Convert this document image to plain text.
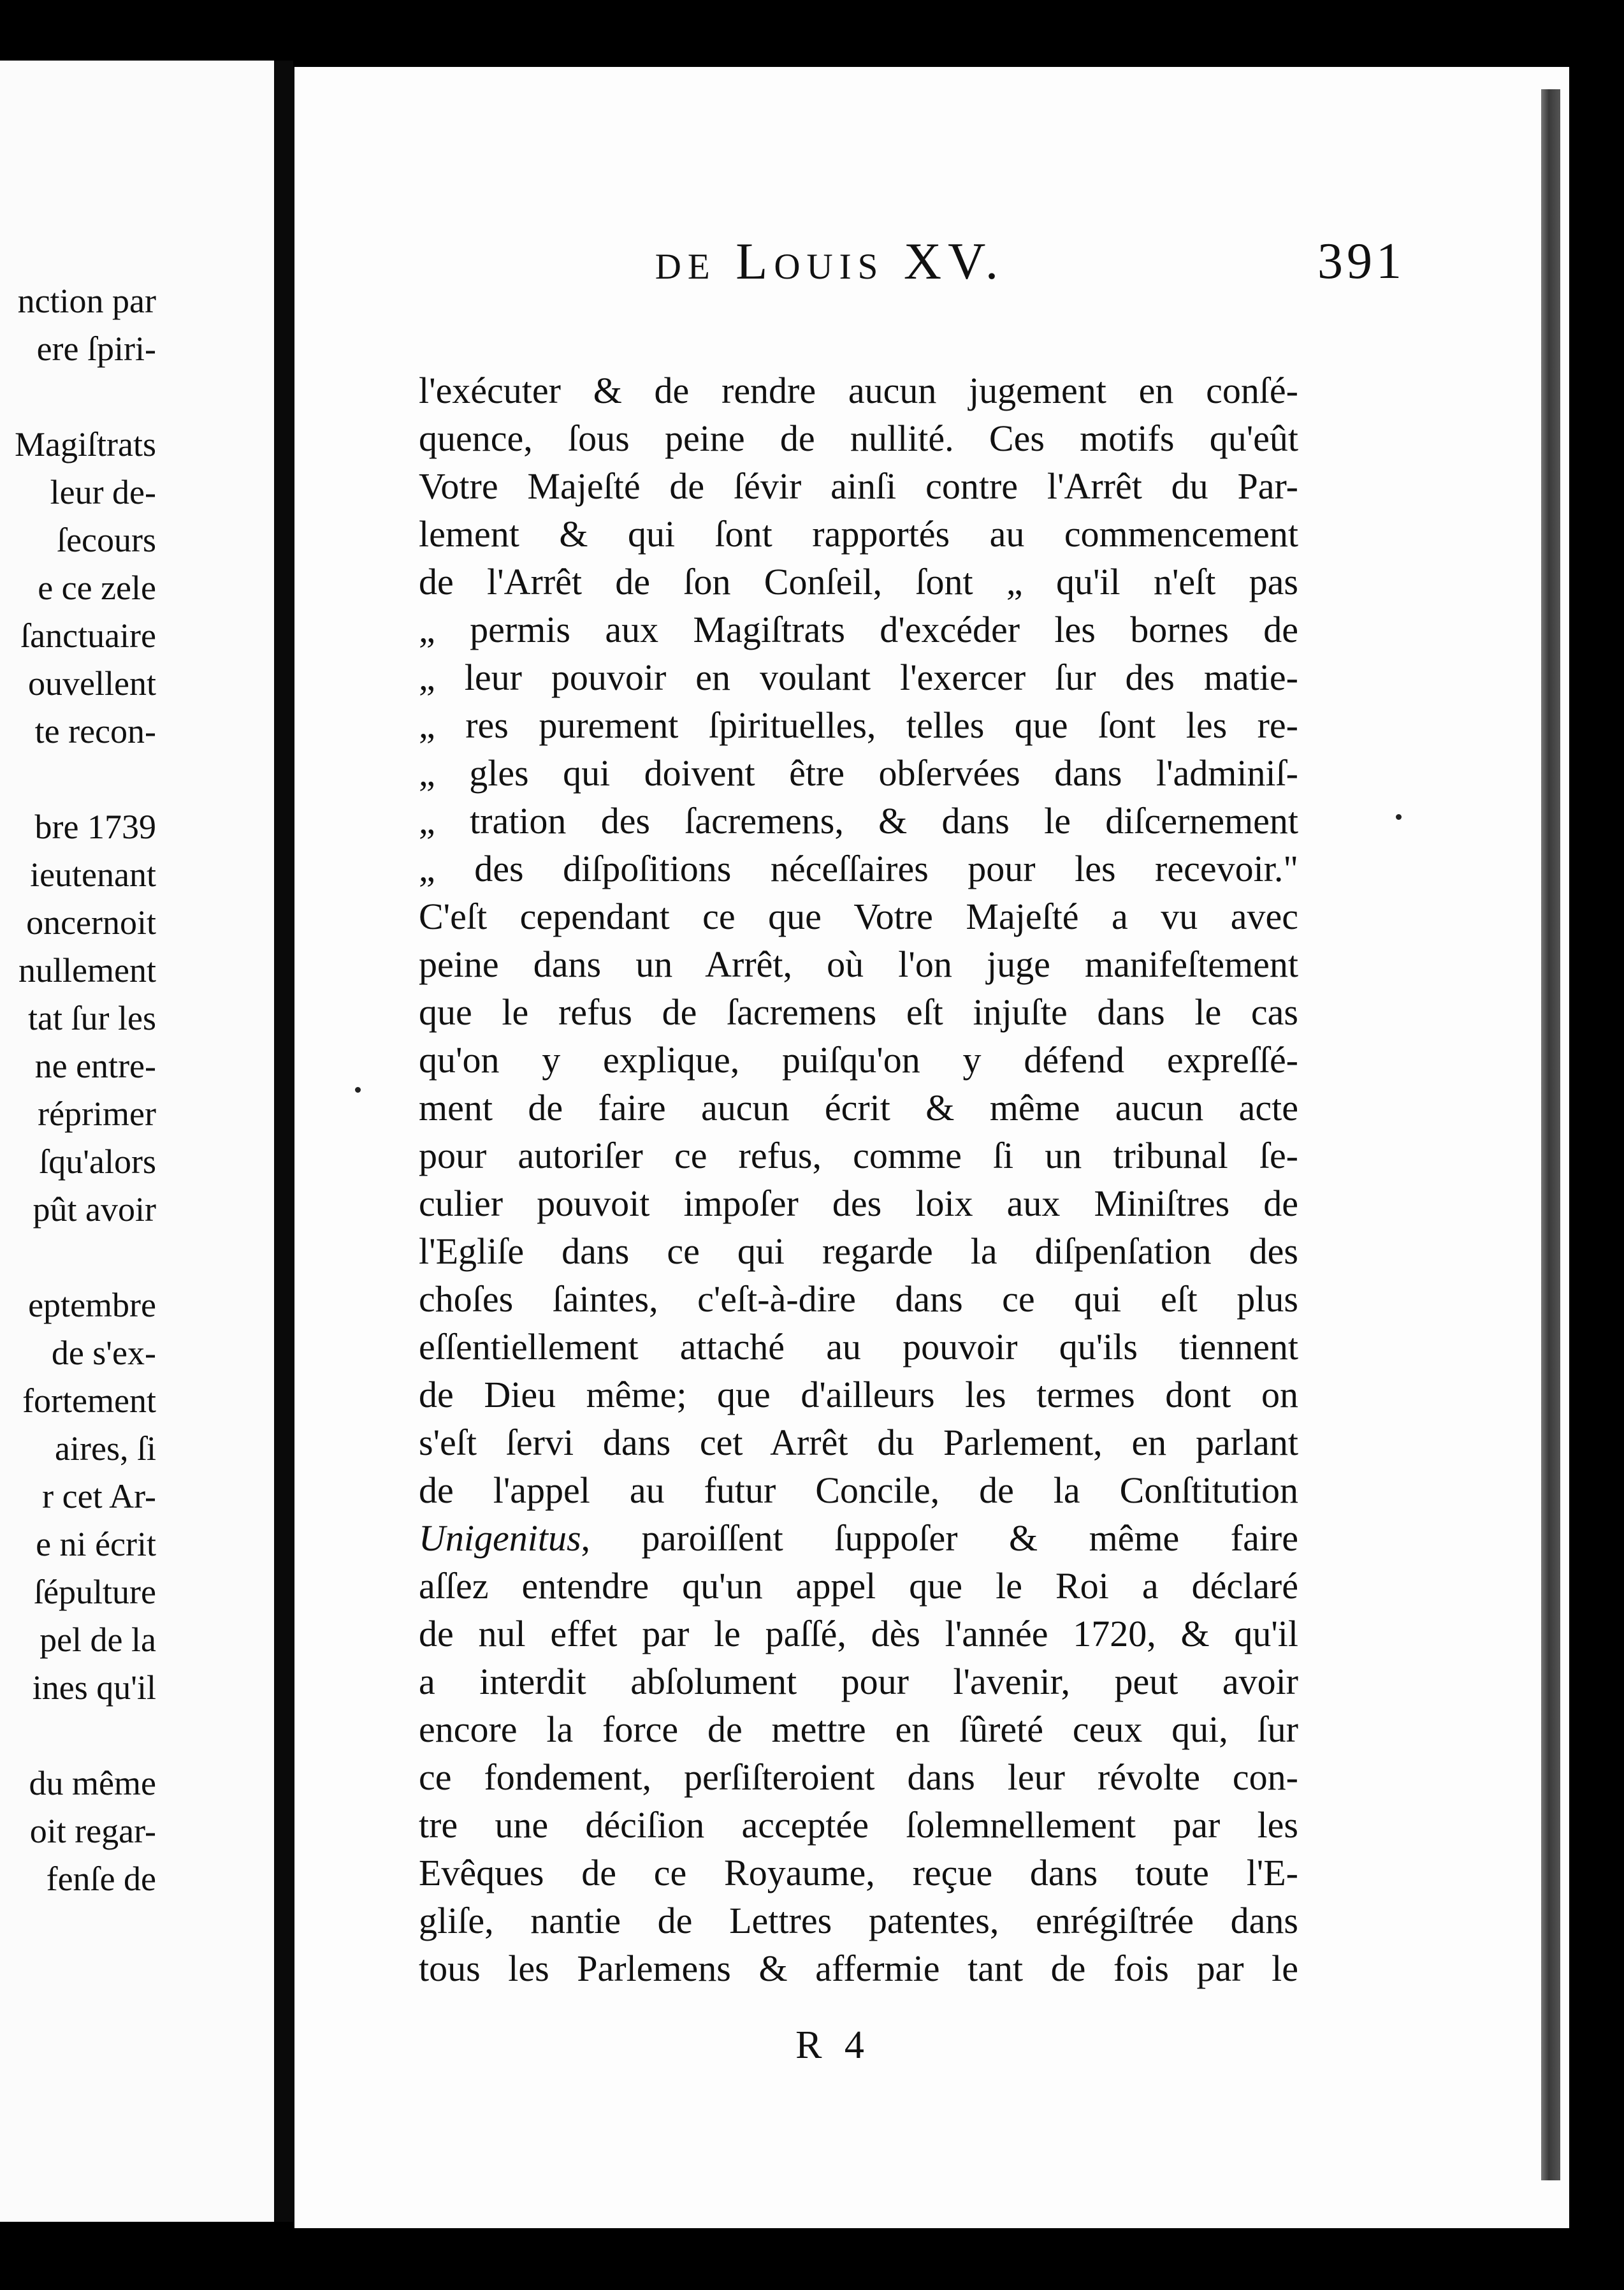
nction par
ere ſpiri-
Magiſtrats
leur de-
ſecours
e ce zele
ſanctuaire
ouvellent
te recon-
bre 1739
ieutenant
oncernoit
nullement
tat ſur les
ne entre-
réprimer
ſqu'alors
pût avoir
eptembre
de s'ex-
fortement
aires, ſi
r cet Ar-
e ni écrit
ſépulture
pel de la
ines qu'il
du même
oit regar-
fenſe de
de Louis XV.	391
l'exécuter & de rendre aucun jugement en conſé-
quence, ſous peine de nullité. Ces motifs qu'eût
Votre Majeſté de ſévir ainſi contre l'Arrêt du Par-
lement & qui ſont rapportés au commencement
de l'Arrêt de ſon Conſeil, ſont „ qu'il n'eſt pas
„ permis aux Magiſtrats d'excéder les bornes de
„ leur pouvoir en voulant l'exercer ſur des matie-
„ res purement ſpirituelles, telles que ſont les re-
„ gles qui doivent être obſervées dans l'adminiſ-
„ tration des ſacremens, & dans le diſcernement
„ des diſpoſitions néceſſaires pour les recevoir."
C'eſt cependant ce que Votre Majeſté a vu avec
peine dans un Arrêt, où l'on juge manifeſtement
que le refus de ſacremens eſt injuſte dans le cas
qu'on y explique, puiſqu'on y défend expreſſé-
ment de faire aucun écrit & même aucun acte
pour autoriſer ce refus, comme ſi un tribunal ſe-
culier pouvoit impoſer des loix aux Miniſtres de
l'Egliſe dans ce qui regarde la diſpenſation des
choſes ſaintes, c'eſt-à-dire dans ce qui eſt plus
eſſentiellement attaché au pouvoir qu'ils tiennent
de Dieu même; que d'ailleurs les termes dont on
s'eſt ſervi dans cet Arrêt du Parlement, en parlant
de l'appel au futur Concile, de la Conſtitution
Unigenitus, paroiſſent ſuppoſer & même faire
aſſez entendre qu'un appel que le Roi a déclaré
de nul effet par le paſſé, dès l'année 1720, & qu'il
a interdit abſolument pour l'avenir, peut avoir
encore la force de mettre en ſûreté ceux qui, ſur
ce fondement, perſiſteroient dans leur révolte con-
tre une déciſion acceptée ſolemnellement par les
Evêques de ce Royaume, reçue dans toute l'E-
gliſe, nantie de Lettres patentes, enrégiſtrée dans
tous les Parlemens & affermie tant de fois par le
R 4
